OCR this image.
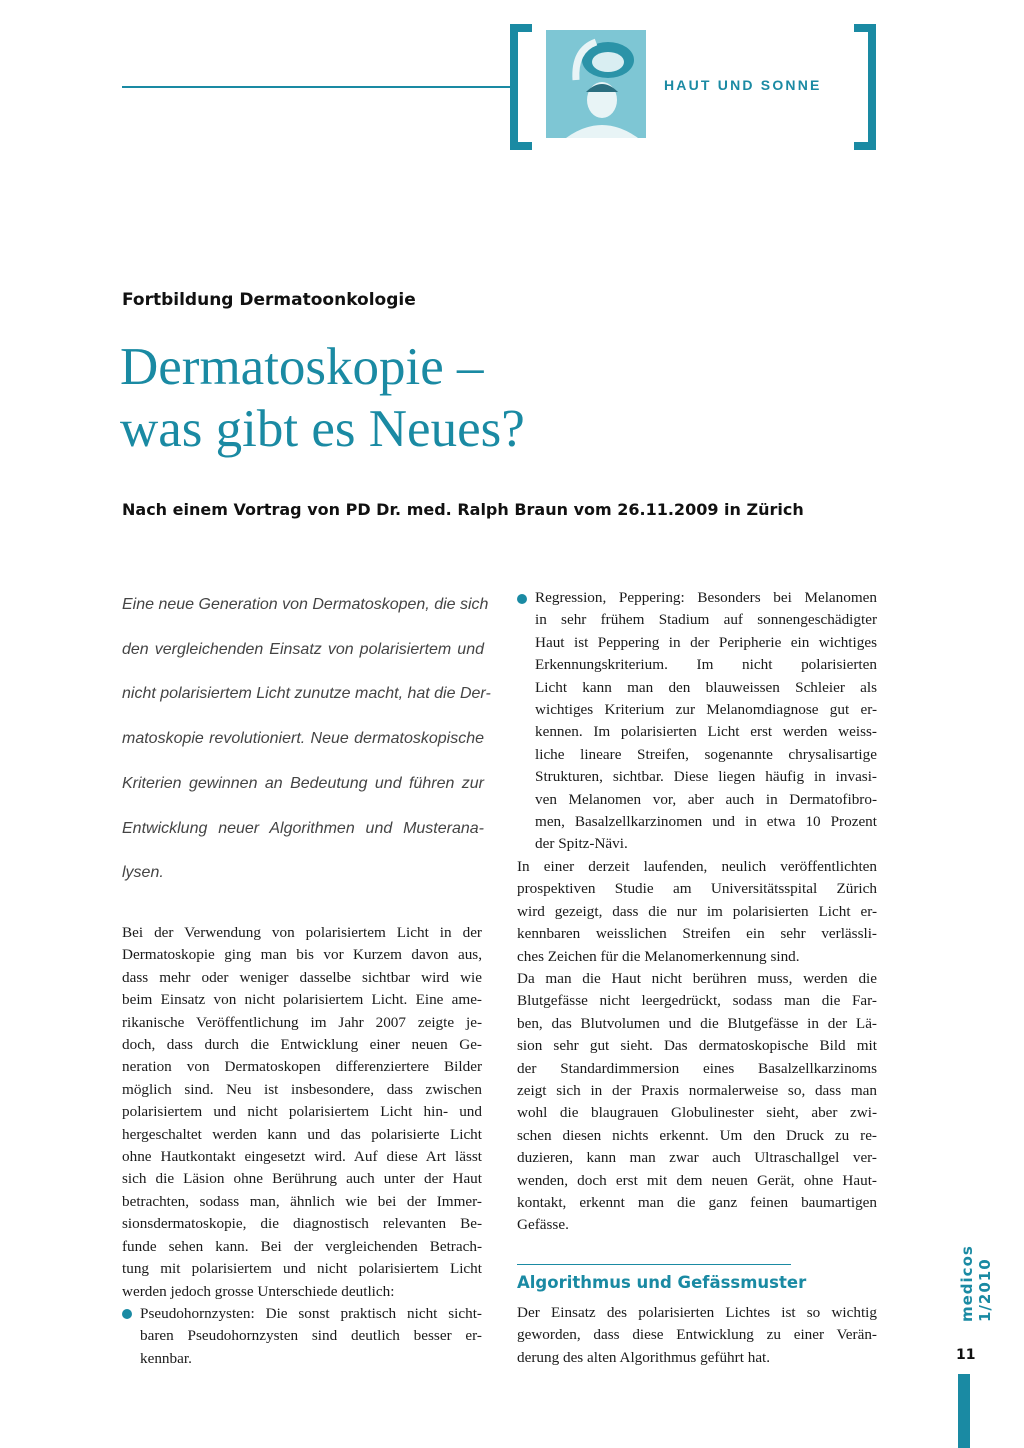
HAUT UND SONNE
Fortbildung Dermatoonkologie
Dermatoskopie –
was gibt es Neues?
Nach einem Vortrag von PD Dr. med. Ralph Braun vom 26.11.2009 in Zürich
Eine neue Generation von Dermatoskopen, die sich
den vergleichenden Einsatz von polarisiertem und
nicht polarisiertem Licht zunutze macht, hat die Der-
matoskopie revolutioniert. Neue dermatoskopische
Kriterien gewinnen an Bedeutung und führen zur
Entwicklung neuer Algorithmen und Musterana-
lysen.
Bei der Verwendung von polarisiertem Licht in der
Dermatoskopie ging man bis vor Kurzem davon aus,
dass mehr oder weniger dasselbe sichtbar wird wie
beim Einsatz von nicht polarisiertem Licht. Eine ame-
rikanische Veröffentlichung im Jahr 2007 zeigte je-
doch, dass durch die Entwicklung einer neuen Ge-
neration von Dermatoskopen differenziertere Bilder
möglich sind. Neu ist insbesondere, dass zwischen
polarisiertem und nicht polarisiertem Licht hin- und
hergeschaltet werden kann und das polarisierte Licht
ohne Hautkontakt eingesetzt wird. Auf diese Art lässt
sich die Läsion ohne Berührung auch unter der Haut
betrachten, sodass man, ähnlich wie bei der Immer-
sionsdermatoskopie, die diagnostisch relevanten Be-
funde sehen kann. Bei der vergleichenden Betrach-
tung mit polarisiertem und nicht polarisiertem Licht
werden jedoch grosse Unterschiede deutlich:
Pseudohornzysten: Die sonst praktisch nicht sicht-
baren Pseudohornzysten sind deutlich besser er-
kennbar.
Regression, Peppering: Besonders bei Melanomen
in sehr frühem Stadium auf sonnengeschädigter
Haut ist Peppering in der Peripherie ein wichtiges
Erkennungskriterium. Im nicht polarisierten
Licht kann man den blauweissen Schleier als
wichtiges Kriterium zur Melanomdiagnose gut er-
kennen. Im polarisierten Licht erst werden weiss-
liche lineare Streifen, sogenannte chrysalisartige
Strukturen, sichtbar. Diese liegen häufig in invasi-
ven Melanomen vor, aber auch in Dermatofibro-
men, Basalzellkarzinomen und in etwa 10 Prozent
der Spitz-Nävi.
In einer derzeit laufenden, neulich veröffentlichten
prospektiven Studie am Universitätsspital Zürich
wird gezeigt, dass die nur im polarisierten Licht er-
kennbaren weisslichen Streifen ein sehr verlässli-
ches Zeichen für die Melanomerkennung sind.
Da man die Haut nicht berühren muss, werden die
Blutgefässe nicht leergedrückt, sodass man die Far-
ben, das Blutvolumen und die Blutgefässe in der Lä-
sion sehr gut sieht. Das dermatoskopische Bild mit
der Standardimmersion eines Basalzellkarzinoms
zeigt sich in der Praxis normalerweise so, dass man
wohl die blaugrauen Globulinester sieht, aber zwi-
schen diesen nichts erkennt. Um den Druck zu re-
duzieren, kann man zwar auch Ultraschallgel ver-
wenden, doch erst mit dem neuen Gerät, ohne Haut-
kontakt, erkennt man die ganz feinen baumartigen
Gefässe.
Algorithmus und Gefässmuster
Der Einsatz des polarisierten Lichtes ist so wichtig
geworden, dass diese Entwicklung zu einer Verän-
derung des alten Algorithmus geführt hat.
medicos 1/2010
11
